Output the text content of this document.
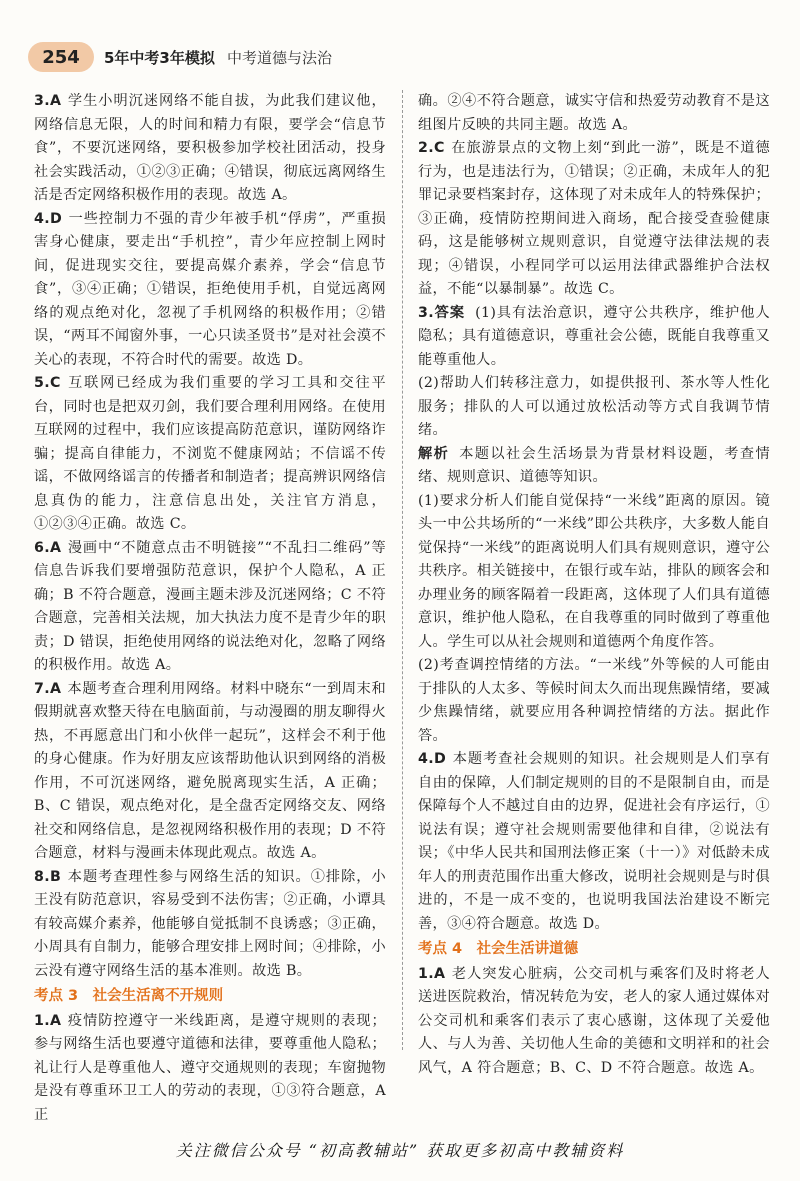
254	5年中考3年模拟 中考道德与法治

3.A 学生小明沉迷网络不能自拔，为此我们建议他，网络信息无限，人的时间和精力有限，要学会“信息节食”，不要沉迷网络，要积极参加学校社团活动，投身社会实践活动，①②③正确；④错误，彻底远离网络生活是否定网络积极作用的表现。故选 A。

4.D 一些控制力不强的青少年被手机“俘虏”，严重损害身心健康，要走出“手机控”，青少年应控制上网时间，促进现实交往，要提高媒介素养，学会“信息节食”，③④正确；①错误，拒绝使用手机，自觉远离网络的观点绝对化，忽视了手机网络的积极作用；②错误，“两耳不闻窗外事，一心只读圣贤书”是对社会漠不关心的表现，不符合时代的需要。故选 D。

5.C 互联网已经成为我们重要的学习工具和交往平台，同时也是把双刃剑，我们要合理利用网络。在使用互联网的过程中，我们应该提高防范意识，谨防网络诈骗；提高自律能力，不浏览不健康网站；不信谣不传谣，不做网络谣言的传播者和制造者；提高辨识网络信息真伪的能力，注意信息出处，关注官方消息，①②③④正确。故选 C。

6.A 漫画中“不随意点击不明链接”“不乱扫二维码”等信息告诉我们要增强防范意识，保护个人隐私，A 正确；B 不符合题意，漫画主题未涉及沉迷网络；C 不符合题意，完善相关法规，加大执法力度不是青少年的职责；D 错误，拒绝使用网络的说法绝对化，忽略了网络的积极作用。故选 A。

7.A 本题考查合理利用网络。材料中晓东“一到周末和假期就喜欢整天待在电脑面前，与动漫圈的朋友聊得火热，不再愿意出门和小伙伴一起玩”，这样会不利于他的身心健康。作为好朋友应该帮助他认识到网络的消极作用，不可沉迷网络，避免脱离现实生活，A 正确；B、C 错误，观点绝对化，是全盘否定网络交友、网络社交和网络信息，是忽视网络积极作用的表现；D 不符合题意，材料与漫画未体现此观点。故选 A。

8.B 本题考查理性参与网络生活的知识。①排除，小王没有防范意识，容易受到不法伤害；②正确，小谭具有较高媒介素养，他能够自觉抵制不良诱惑；③正确，小周具有自制力，能够合理安排上网时间；④排除，小云没有遵守网络生活的基本准则。故选 B。

考点 3　社会生活离不开规则

1.A 疫情防控遵守一米线距离，是遵守规则的表现；参与网络生活也要遵守道德和法律，要尊重他人隐私；礼让行人是尊重他人、遵守交通规则的表现；车窗抛物是没有尊重环卫工人的劳动的表现，①③符合题意，A 正

确。②④不符合题意，诚实守信和热爱劳动教育不是这组图片反映的共同主题。故选 A。

2.C 在旅游景点的文物上刻“到此一游”，既是不道德行为，也是违法行为，①错误；②正确，未成年人的犯罪记录要档案封存，这体现了对未成年人的特殊保护；③正确，疫情防控期间进入商场，配合接受查验健康码，这是能够树立规则意识，自觉遵守法律法规的表现；④错误，小程同学可以运用法律武器维护合法权益，不能“以暴制暴”。故选 C。

3.答案 (1)具有法治意识，遵守公共秩序，维护他人隐私；具有道德意识，尊重社会公德，既能自我尊重又能尊重他人。

(2)帮助人们转移注意力，如提供报刊、茶水等人性化服务；排队的人可以通过放松活动等方式自我调节情绪。

解析 本题以社会生活场景为背景材料设题，考查情绪、规则意识、道德等知识。

(1)要求分析人们能自觉保持“一米线”距离的原因。镜头一中公共场所的“一米线”即公共秩序，大多数人能自觉保持“一米线”的距离说明人们具有规则意识，遵守公共秩序。相关链接中，在银行或车站，排队的顾客会和办理业务的顾客隔着一段距离，这体现了人们具有道德意识，维护他人隐私，在自我尊重的同时做到了尊重他人。学生可以从社会规则和道德两个角度作答。

(2)考查调控情绪的方法。“一米线”外等候的人可能由于排队的人太多、等候时间太久而出现焦躁情绪，要减少焦躁情绪，就要应用各种调控情绪的方法。据此作答。

4.D 本题考查社会规则的知识。社会规则是人们享有自由的保障，人们制定规则的目的不是限制自由，而是保障每个人不越过自由的边界，促进社会有序运行，①说法有误；遵守社会规则需要他律和自律，②说法有误；《中华人民共和国刑法修正案（十一）》对低龄未成年人的刑责范围作出重大修改，说明社会规则是与时俱进的，不是一成不变的，也说明我国法治建设不断完善，③④符合题意。故选 D。

考点 4　社会生活讲道德

1.A 老人突发心脏病，公交司机与乘客们及时将老人送进医院救治，情况转危为安，老人的家人通过媒体对公交司机和乘客们表示了衷心感谢，这体现了关爱他人、与人为善、关切他人生命的美德和文明祥和的社会风气，A 符合题意；B、C、D 不符合题意。故选 A。

关注微信公众号 “初高教辅站” 获取更多初高中教辅资料
